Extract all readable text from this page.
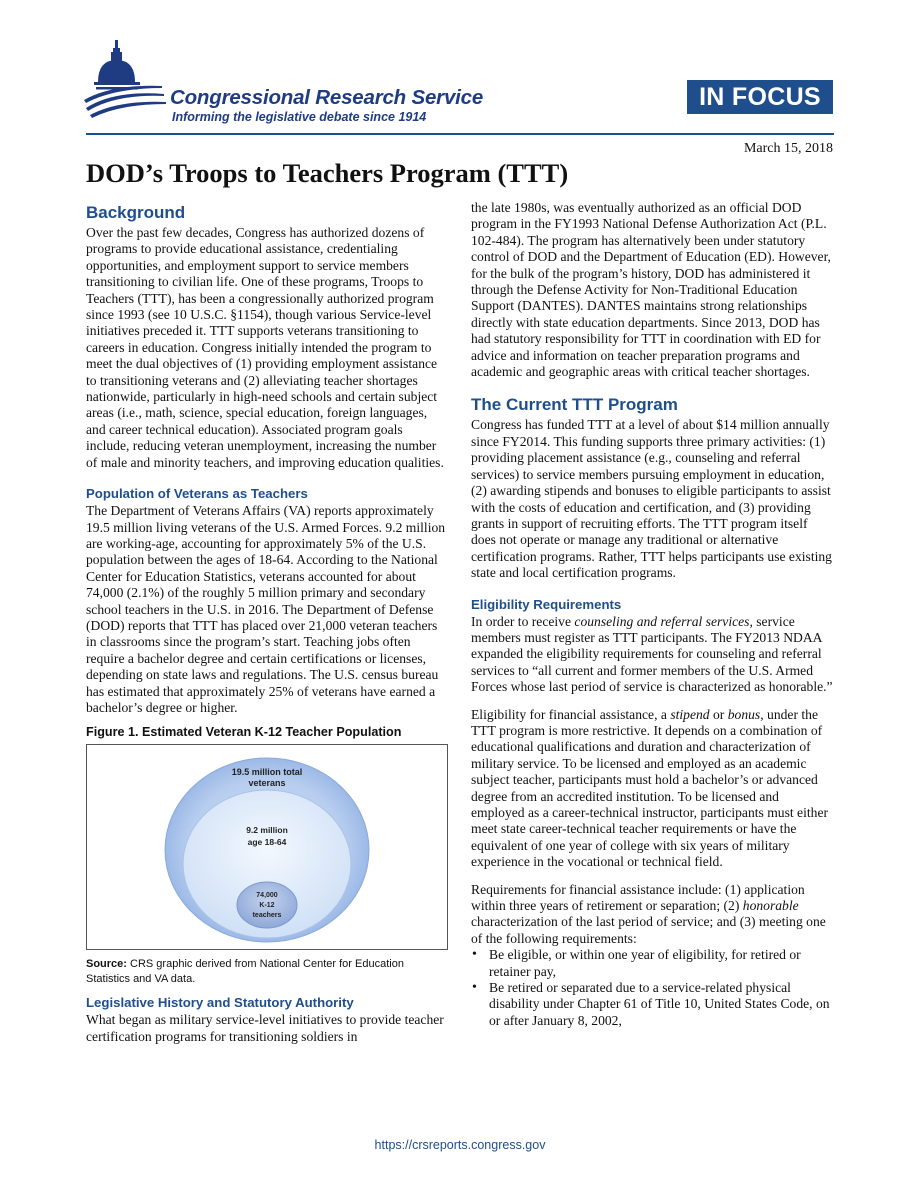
Congressional Research Service
Informing the legislative debate since 1914
IN FOCUS
March 15, 2018
DOD’s Troops to Teachers Program (TTT)
Background

Over the past few decades, Congress has authorized dozens of programs to provide educational assistance, credentialing opportunities, and employment support to service members transitioning to civilian life. One of these programs, Troops to Teachers (TTT), has been a congressionally authorized program since 1993 (see 10 U.S.C. §1154), though various Service-level initiatives preceded it. TTT supports veterans transitioning to careers in education. Congress initially intended the program to meet the dual objectives of (1) providing employment assistance to transitioning veterans and (2) alleviating teacher shortages nationwide, particularly in high-need schools and certain subject areas (i.e., math, science, special education, foreign languages, and career technical education). Associated program goals include, reducing veteran unemployment, increasing the number of male and minority teachers, and improving education qualities.

Population of Veterans as Teachers

The Department of Veterans Affairs (VA) reports approximately 19.5 million living veterans of the U.S. Armed Forces. 9.2 million are working-age, accounting for approximately 5% of the U.S. population between the ages of 18-64. According to the National Center for Education Statistics, veterans accounted for about 74,000 (2.1%) of the roughly 5 million primary and secondary school teachers in the U.S. in 2016. The Department of Defense (DOD) reports that TTT has placed over 21,000 veteran teachers in classrooms since the program’s start. Teaching jobs often require a bachelor degree and certain certifications or licenses, depending on state laws and regulations. The U.S. census bureau has estimated that approximately 25% of veterans have earned a bachelor’s degree or higher.

Figure 1. Estimated Veteran K-12 Teacher Population
19.5 million total
veterans
9.2 million
age 18-64
74,000
K-12
teachers
Source: CRS graphic derived from National Center for Education Statistics and VA data.
Legislative History and Statutory Authority

What began as military service-level initiatives to provide teacher certification programs for transitioning soldiers in

the late 1980s, was eventually authorized as an official DOD program in the FY1993 National Defense Authorization Act (P.L. 102-484). The program has alternatively been under statutory control of DOD and the Department of Education (ED). However, for the bulk of the program’s history, DOD has administered it through the Defense Activity for Non-Traditional Education Support (DANTES). DANTES maintains strong relationships directly with state education departments. Since 2013, DOD has had statutory responsibility for TTT in coordination with ED for advice and information on teacher preparation programs and academic and geographic areas with critical teacher shortages.

The Current TTT Program

Congress has funded TTT at a level of about $14 million annually since FY2014. This funding supports three primary activities: (1) providing placement assistance (e.g., counseling and referral services) to service members pursuing employment in education, (2) awarding stipends and bonuses to eligible participants to assist with the costs of education and certification, and (3) providing grants in support of recruiting efforts. The TTT program itself does not operate or manage any traditional or alternative certification programs. Rather, TTT helps participants use existing state and local certification programs.

Eligibility Requirements

In order to receive counseling and referral services, service members must register as TTT participants. The FY2013 NDAA expanded the eligibility requirements for counseling and referral services to “all current and former members of the U.S. Armed Forces whose last period of service is characterized as honorable.”

Eligibility for financial assistance, a stipend or bonus, under the TTT program is more restrictive. It depends on a combination of educational qualifications and duration and characterization of military service. To be licensed and employed as an academic subject teacher, participants must hold a bachelor’s or advanced degree from an accredited institution. To be licensed and employed as a career-technical instructor, participants must either meet state career-technical teacher requirements or have the equivalent of one year of college with six years of military experience in the vocational or technical field.

Requirements for financial assistance include: (1) application within three years of retirement or separation; (2) honorable characterization of the last period of service; and (3) meeting one of the following requirements:

• Be eligible, or within one year of eligibility, for retired or retainer pay,
• Be retired or separated due to a service-related physical disability under Chapter 61 of Title 10, United States Code, on or after January 8, 2002,
https://crsreports.congress.gov
